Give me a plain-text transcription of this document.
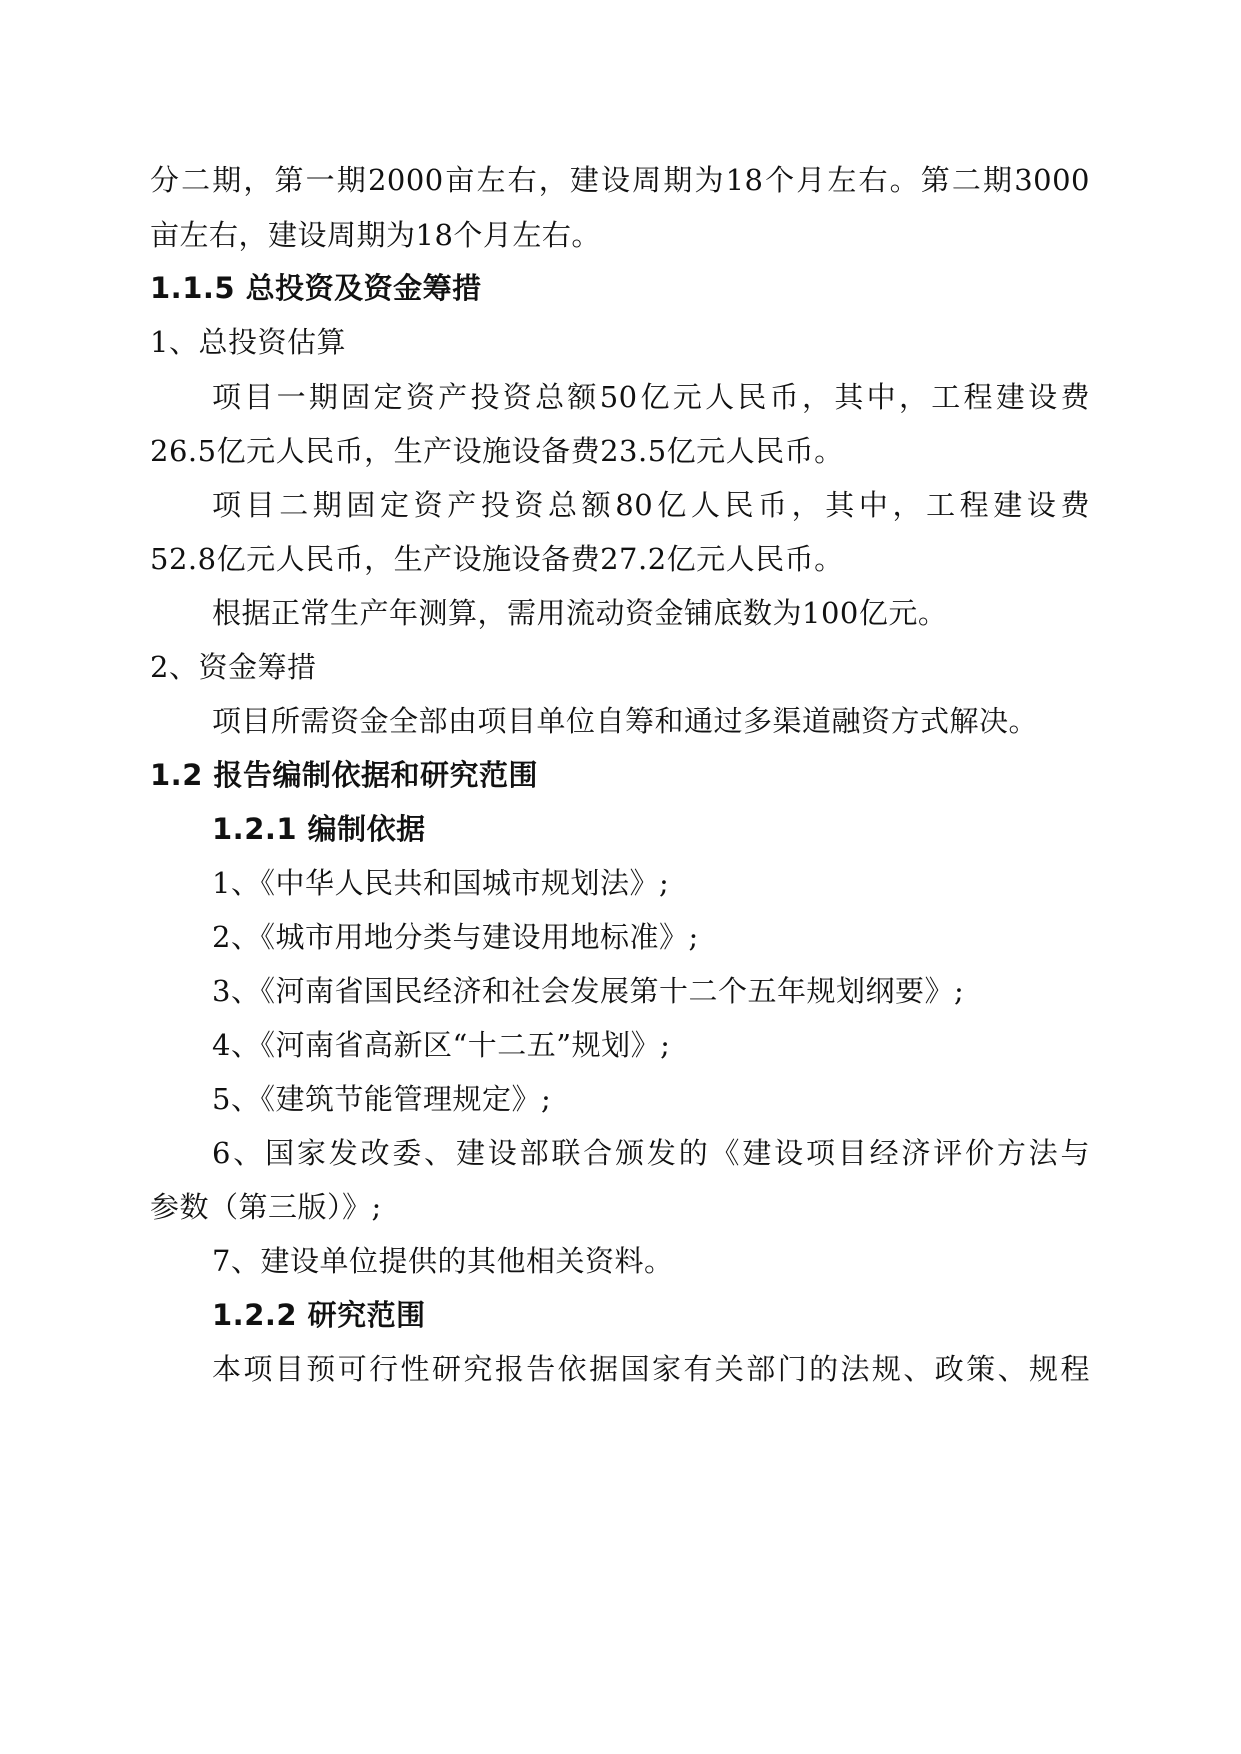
分二期，第一期2000亩左右，建设周期为18个月左右。第二期3000
亩左右，建设周期为18个月左右。
1.1.5 总投资及资金筹措
1、总投资估算
项目一期固定资产投资总额50亿元人民币，其中，工程建设费
26.5亿元人民币，生产设施设备费23.5亿元人民币。
项目二期固定资产投资总额80亿人民币，其中，工程建设费
52.8亿元人民币，生产设施设备费27.2亿元人民币。
根据正常生产年测算，需用流动资金铺底数为100亿元。
2、资金筹措
项目所需资金全部由项目单位自筹和通过多渠道融资方式解决。
1.2 报告编制依据和研究范围
1.2.1 编制依据
1、《中华人民共和国城市规划法》;
2、《城市用地分类与建设用地标准》;
3、《河南省国民经济和社会发展第十二个五年规划纲要》;
4、《河南省高新区“十二五”规划》;
5、《建筑节能管理规定》;
6、国家发改委、建设部联合颁发的《建设项目经济评价方法与
参数（第三版）》;
7、建设单位提供的其他相关资料。
1.2.2 研究范围
本项目预可行性研究报告依据国家有关部门的法规、政策、规程
